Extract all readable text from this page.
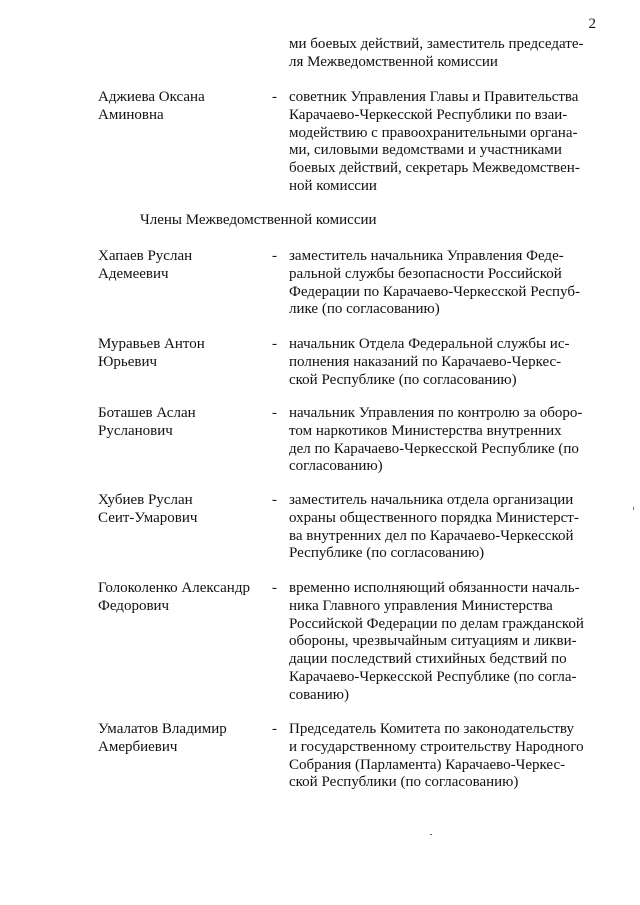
2
ми боевых действий, заместитель председате-
ля Межведомственной комиссии
Аджиева Оксана
Аминовна
- советник Управления Главы и Правительства
Карачаево-Черкесской Республики по взаи-
модействию с правоохранительными органа-
ми, силовыми ведомствами и участниками
боевых действий, секретарь Межведомствен-
ной комиссии
Члены Межведомственной комиссии
Хапаев Руслан
Адемеевич
- заместитель начальника Управления Феде-
ральной службы безопасности Российской
Федерации по Карачаево-Черкесской Респуб-
лике (по согласованию)
Муравьев Антон
Юрьевич
- начальник Отдела Федеральной службы ис-
полнения наказаний по Карачаево-Черкес-
ской Республике (по согласованию)
Боташев Аслан
Русланович
- начальник Управления по контролю за оборо-
том наркотиков Министерства внутренних
дел по Карачаево-Черкесской Республике (по
согласованию)
Хубиев Руслан
Сеит-Умарович
- заместитель начальника отдела организации
охраны общественного порядка Министерст-
ва внутренних дел по Карачаево-Черкесской
Республике (по согласованию)
Голоколенко Александр
Федорович
- временно исполняющий обязанности началь-
ника Главного управления Министерства
Российской Федерации по делам гражданской
обороны, чрезвычайным ситуациям и ликви-
дации последствий стихийных бедствий по
Карачаево-Черкесской Республике (по согла-
сованию)
Умалатов Владимир
Амербиевич
- Председатель Комитета по законодательству
и государственному строительству Народного
Собрания (Парламента) Карачаево-Черкес-
ской Республики (по согласованию)
